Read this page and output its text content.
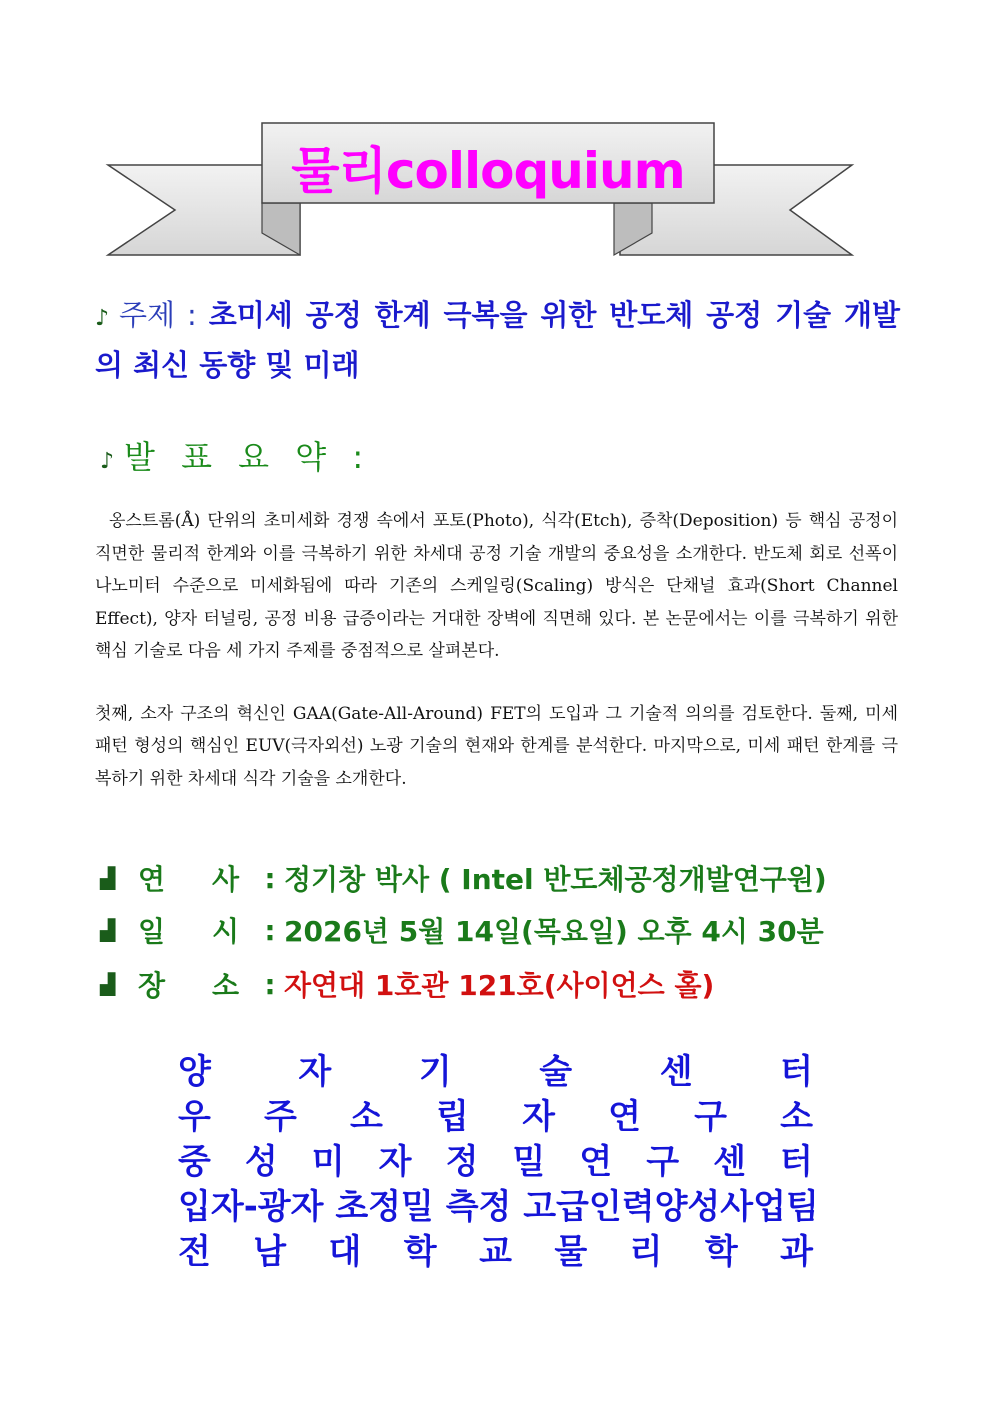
물리colloquium
♪ 주제 : 초미세 공정 한계 극복을 위한 반도체 공정 기술 개발의 최신 동향 및 미래
♪ 발 표 요 약 :

옹스트롬(Å) 단위의 초미세화 경쟁 속에서 포토(Photo), 식각(Etch), 증착(Deposition) 등 핵심 공정이 직면한 물리적 한계와 이를 극복하기 위한 차세대 공정 기술 개발의 중요성을 소개한다. 반도체 회로 선폭이 나노미터 수준으로 미세화됨에 따라 기존의 스케일링(Scaling) 방식은 단채널 효과(Short Channel Effect), 양자 터널링, 공정 비용 급증이라는 거대한 장벽에 직면해 있다. 본 논문에서는 이를 극복하기 위한 핵심 기술로 다음 세 가지 주제를 중점적으로 살펴본다.

첫째, 소자 구조의 혁신인 GAA(Gate-All-Around) FET의 도입과 그 기술적 의의를 검토한다. 둘째, 미세 패턴 형성의 핵심인 EUV(극자외선) 노광 기술의 현재와 한계를 분석한다. 마지막으로, 미세 패턴 한계를 극복하기 위한 차세대 식각 기술을 소개한다.

▟ 연	사 : 정기창 박사 ( Intel 반도체공정개발연구원)
▟ 일	시 : 2026년 5월 14일(목요일) 오후 4시 30분
▟ 장	소 : 자연대 1호관 121호(사이언스 홀)
양	자	기	술	센	터
우 주 소 립 자 연 구 소
중 성 미 자 정 밀 연 구 센 터
입자-광자 초정밀 측정 고급인력양성사업팀
전 남 대 학 교 물 리 학 과
